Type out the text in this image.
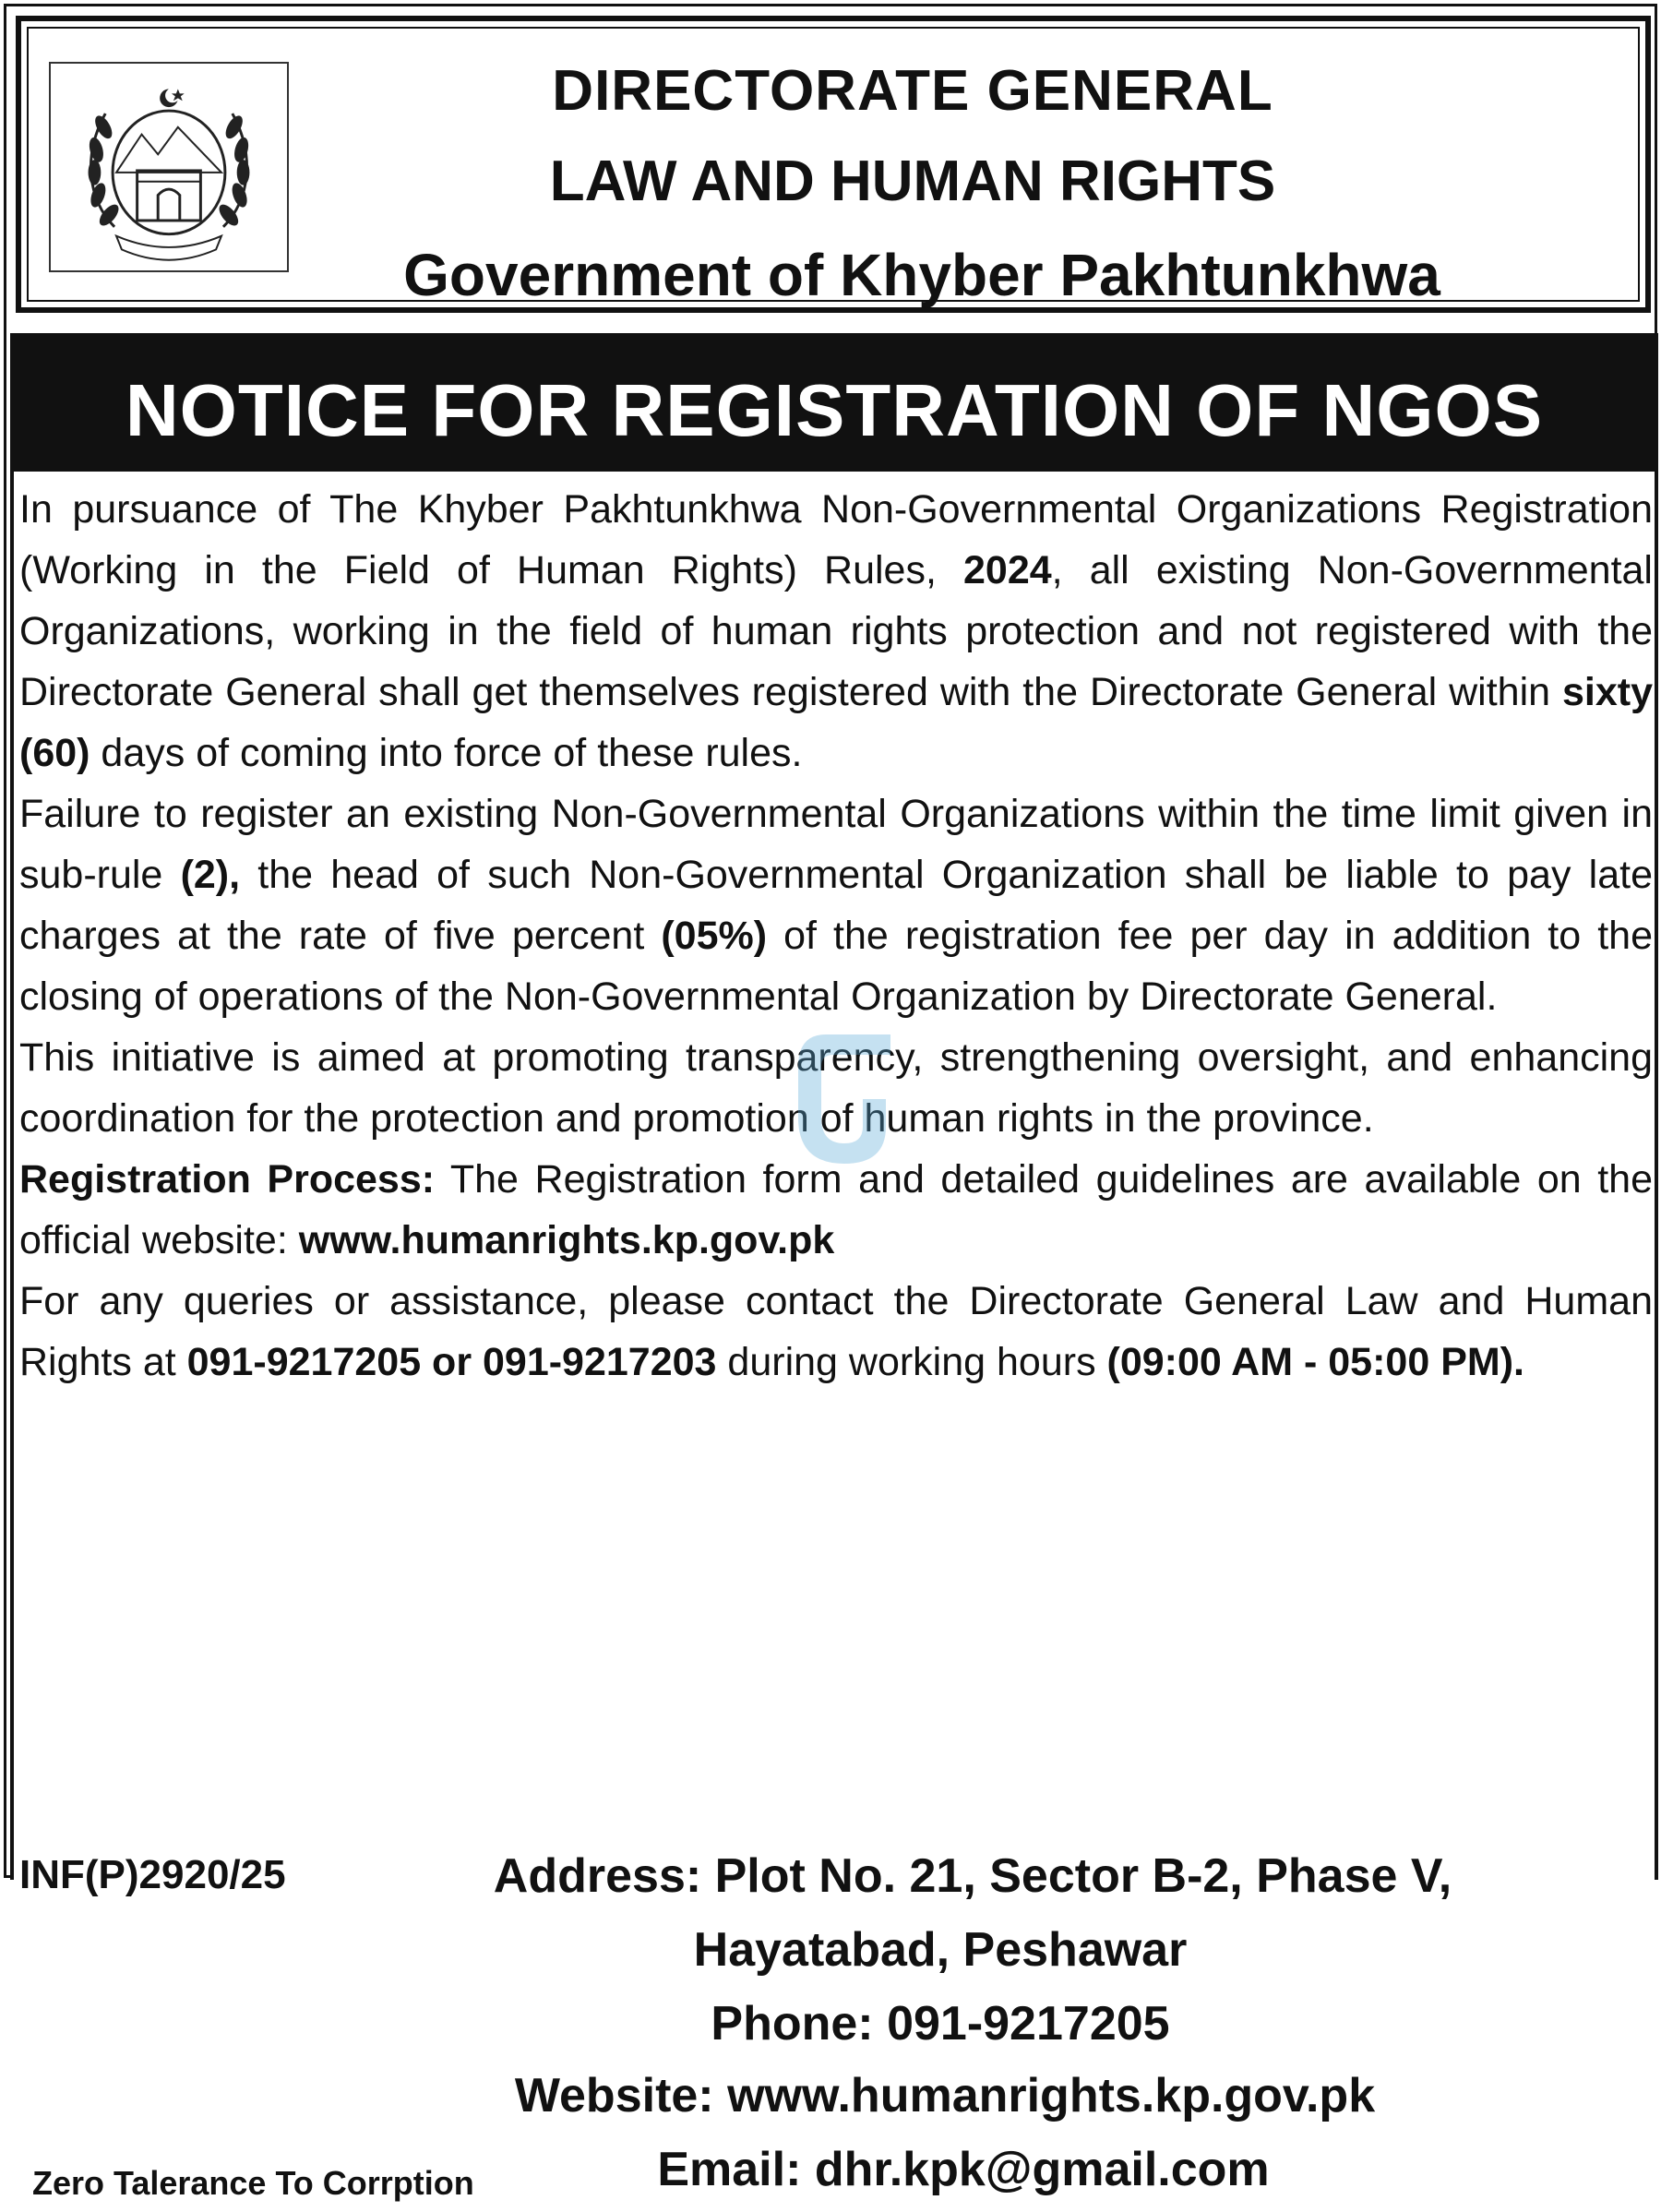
DIRECTORATE GENERAL
LAW AND HUMAN RIGHTS
Government of Khyber Pakhtunkhwa
NOTICE FOR REGISTRATION OF NGOS

In pursuance of The Khyber Pakhtunkhwa Non-Governmental Organizations Registration (Working in the Field of Human Rights) Rules, 2024, all existing Non-Governmental Organizations, working in the field of human rights protection and not registered with the Directorate General shall get themselves registered with the Directorate General within sixty (60) days of coming into force of these rules.

Failure to register an existing Non-Governmental Organizations within the time limit given in sub-rule (2), the head of such Non-Governmental Organization shall be liable to pay late charges at the rate of five percent (05%) of the registration fee per day in addition to the closing of operations of the Non-Governmental Organization by Directorate General.

This initiative is aimed at promoting transparency, strengthening oversight, and enhancing coordination for the protection and promotion of human rights in the province.

Registration Process: The Registration form and detailed guidelines are available on the official website: www.humanrights.kp.gov.pk

For any queries or assistance, please contact the Directorate General Law and Human Rights at 091-9217205 or 091-9217203 during working hours (09:00 AM - 05:00 PM).

INF(P)2920/25	Address: Plot No. 21, Sector B-2, Phase V,
Hayatabad, Peshawar
Phone: 091-9217205
Website: www.humanrights.kp.gov.pk
Email: dhr.kpk@gmail.com
Zero Talerance To Corrption
